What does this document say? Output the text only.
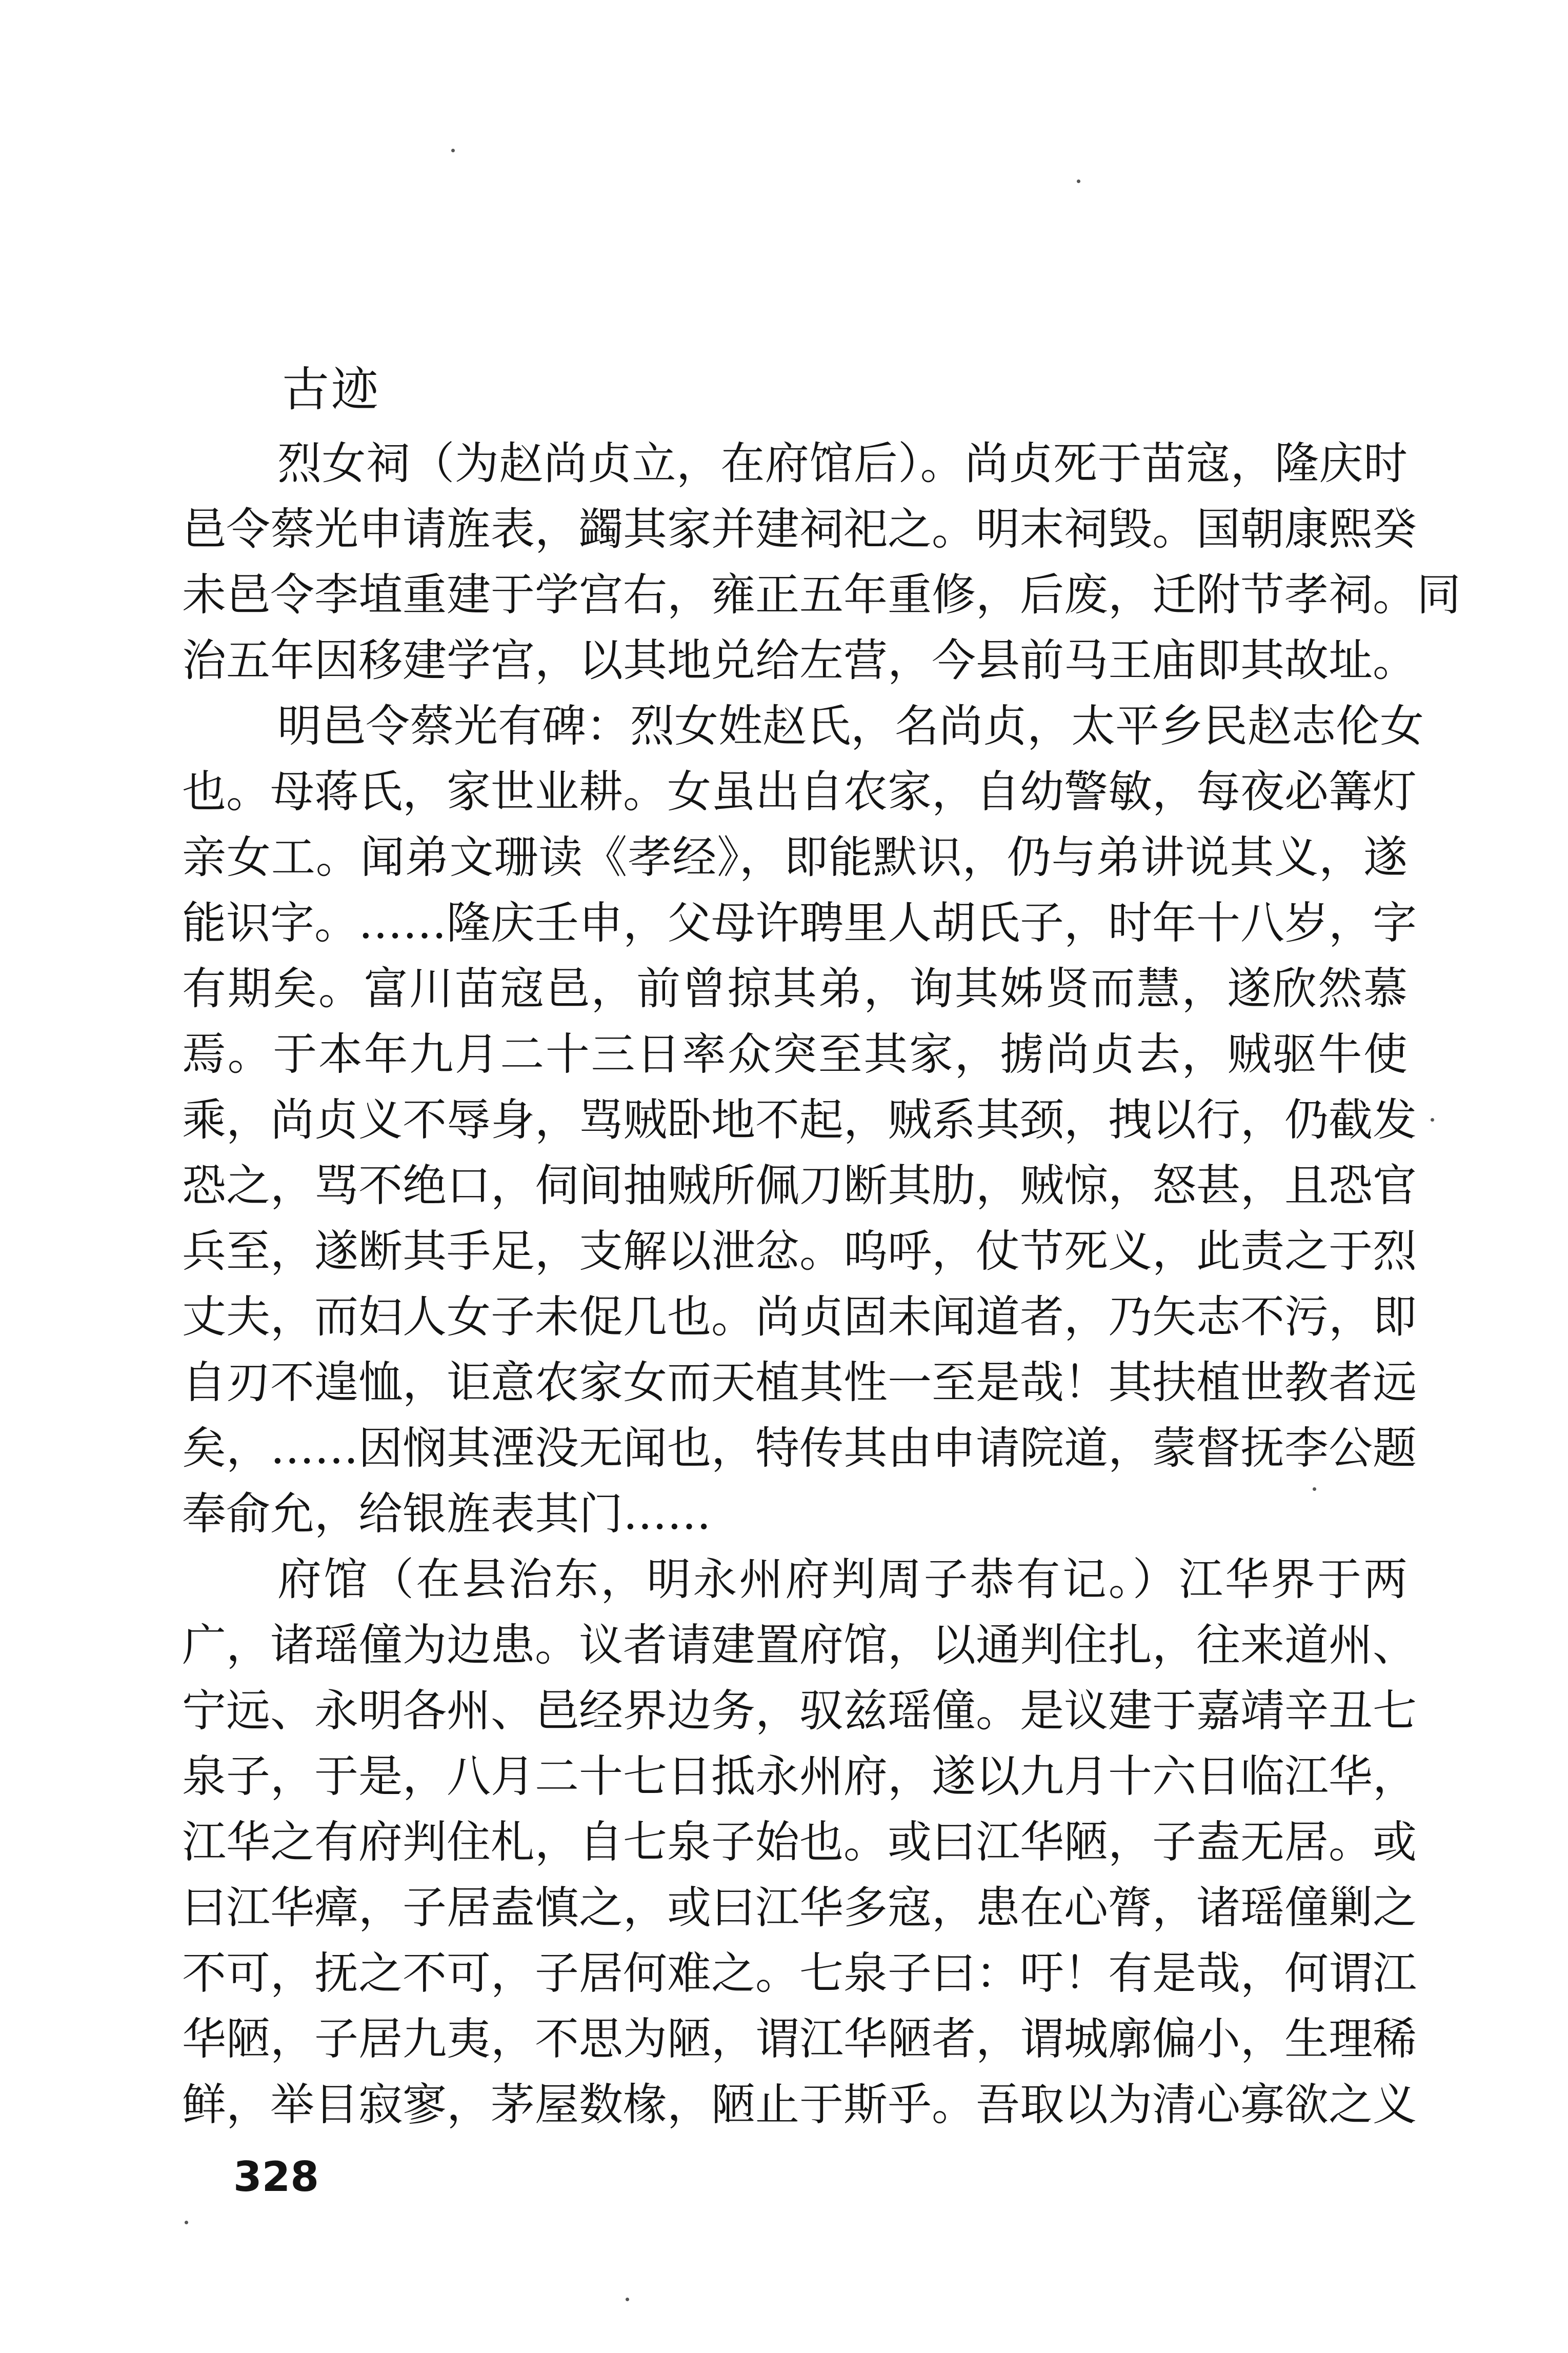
古迹
烈女祠（为赵尚贞立，在府馆后）。尚贞死于苗寇，隆庆时
邑令蔡光申请旌表，蠲其家并建祠祀之。明末祠毁。国朝康熙癸
未邑令李埴重建于学宫右，雍正五年重修，后废，迁附节孝祠。同
治五年因移建学宫，以其地兑给左营，今县前马王庙即其故址。
明邑令蔡光有碑：烈女姓赵氏，名尚贞，太平乡民赵志伦女
也。母蒋氏，家世业耕。女虽出自农家，自幼警敏，每夜必篝灯
亲女工。闻弟文珊读《孝经》，即能默识，仍与弟讲说其义，遂
能识字。……隆庆壬申，父母许聘里人胡氏子，时年十八岁，字
有期矣。富川苗寇邑，前曾掠其弟，询其姊贤而慧，遂欣然慕
焉。于本年九月二十三日率众突至其家，掳尚贞去，贼驱牛使
乘，尚贞义不辱身，骂贼卧地不起，贼系其颈，拽以行，仍截发
恐之，骂不绝口，伺间抽贼所佩刀断其肋，贼惊，怒甚，且恐官
兵至，遂断其手足，支解以泄忿。呜呼，仗节死义，此责之于烈
丈夫，而妇人女子未促几也。尚贞固未闻道者，乃矢志不污，即
自刃不遑恤，讵意农家女而天植其性一至是哉！其扶植世教者远
矣，……因悯其湮没无闻也，特传其由申请院道，蒙督抚李公题
奉俞允，给银旌表其门……
府馆（在县治东，明永州府判周子恭有记。）江华界于两
广，诸瑶僮为边患。议者请建置府馆，以通判住扎，往来道州、
宁远、永明各州、邑经界边务，驭兹瑶僮。是议建于嘉靖辛丑七
泉子，于是，八月二十七日抵永州府，遂以九月十六日临江华，
江华之有府判住札，自七泉子始也。或曰江华陋，子盍无居。或
曰江华瘴，子居盍慎之，或曰江华多寇，患在心膂，诸瑶僮剿之
不可，抚之不可，子居何难之。七泉子曰：吁！有是哉，何谓江
华陋，子居九夷，不思为陋，谓江华陋者，谓城廓偏小，生理稀
鲜，举目寂寥，茅屋数椽，陋止于斯乎。吾取以为清心寡欲之义
328
